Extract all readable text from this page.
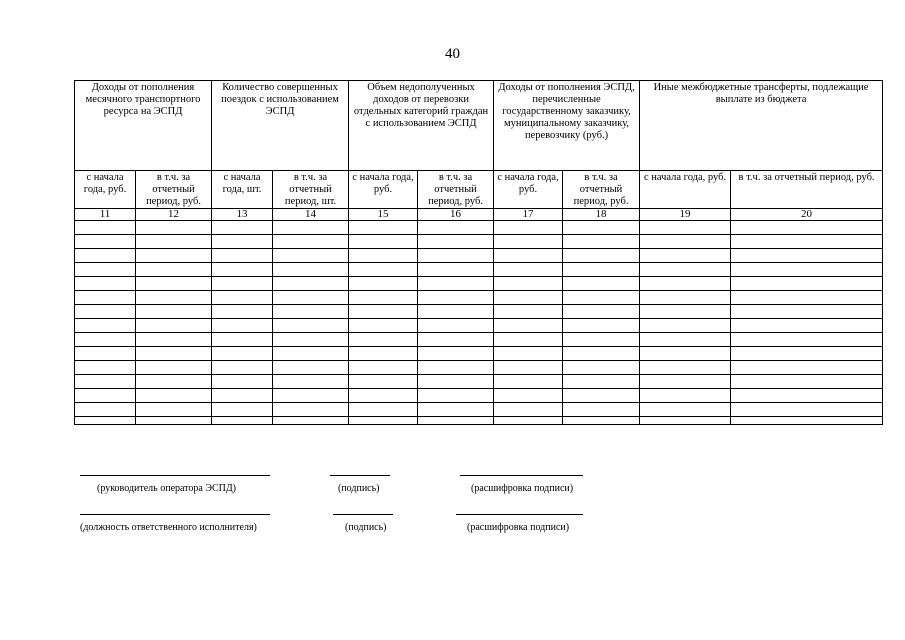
40
Доходы от пополнения месячного транспортного ресурса на ЭСПД		Количество совершенных поездок с использованием ЭСПД		Объем недополученных доходов от перевозки отдельных категорий граждан с использованием ЭСПД		Доходы от пополнения ЭСПД, перечисленные государственному заказчику, муниципальному заказчику, перевозчику (руб.)		Иные межбюджетные трансферты, подлежащие выплате из бюджета	
с начала года, руб.	в т.ч. за отчетный период, руб.	с начала года, шт.	в т.ч. за отчетный период, шт.	с начала года, руб.	в т.ч. за отчетный период, руб.	с начала года, руб.	в т.ч. за отчетный период, руб.	с начала года, руб.	в т.ч. за отчетный период, руб.
11	12	13	14	15	16	17	18	19	20

(руководитель оператора ЭСПД)	(подпись)	(расшифровка подписи)
(должность ответственного исполнителя)	(подпись)	(расшифровка подписи)
